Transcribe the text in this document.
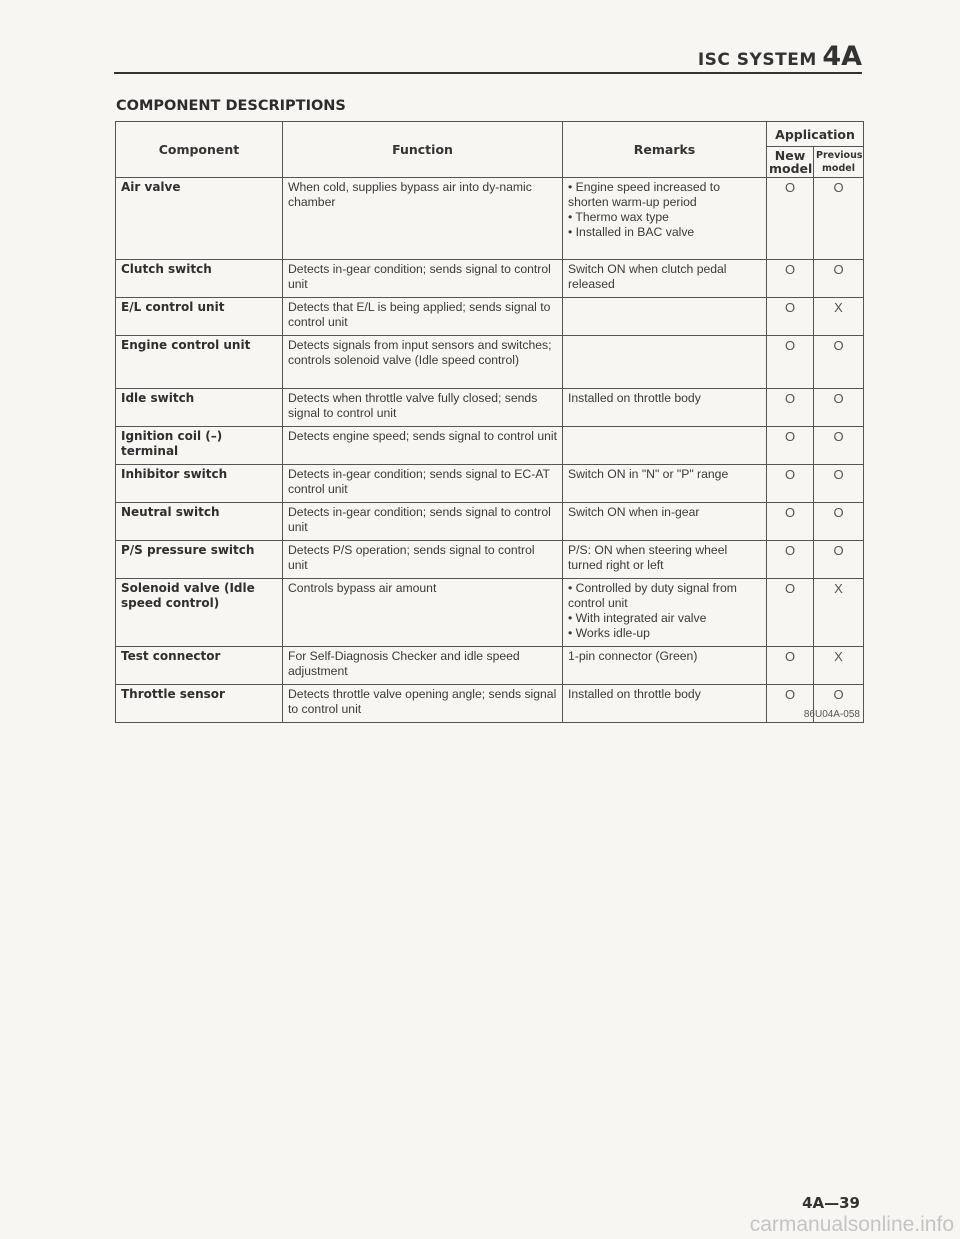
ISC SYSTEM 4A
COMPONENT DESCRIPTIONS
Component	Function	Remarks	Application	
			New model	Previous model
Air valve	When cold, supplies bypass air into dy-namic chamber	• Engine speed increased to shorten warm-up period
• Thermo wax type
• Installed in BAC valve	O	O
Clutch switch	Detects in-gear condition; sends signal to control unit	Switch ON when clutch pedal released	O	O
E/L control unit	Detects that E/L is being applied; sends signal to control unit		O	X
Engine control unit	Detects signals from input sensors and switches; controls solenoid valve (Idle speed control)		O	O
Idle switch	Detects when throttle valve fully closed; sends signal to control unit	Installed on throttle body	O	O
Ignition coil (–) terminal	Detects engine speed; sends signal to control unit		O	O
Inhibitor switch	Detects in-gear condition; sends signal to EC-AT control unit	Switch ON in "N" or "P" range	O	O
Neutral switch	Detects in-gear condition; sends signal to control unit	Switch ON when in-gear	O	O
P/S pressure switch	Detects P/S operation; sends signal to control unit	P/S: ON when steering wheel turned right or left	O	O
Solenoid valve (Idle speed control)	Controls bypass air amount	• Controlled by duty signal from control unit
• With integrated air valve
• Works idle-up	O	X
Test connector	For Self-Diagnosis Checker and idle speed adjustment	1-pin connector (Green)	O	X
Throttle sensor	Detects throttle valve opening angle; sends signal to control unit	Installed on throttle body	O	O
86U04A-058
4A—39
carmanualsonline.info
